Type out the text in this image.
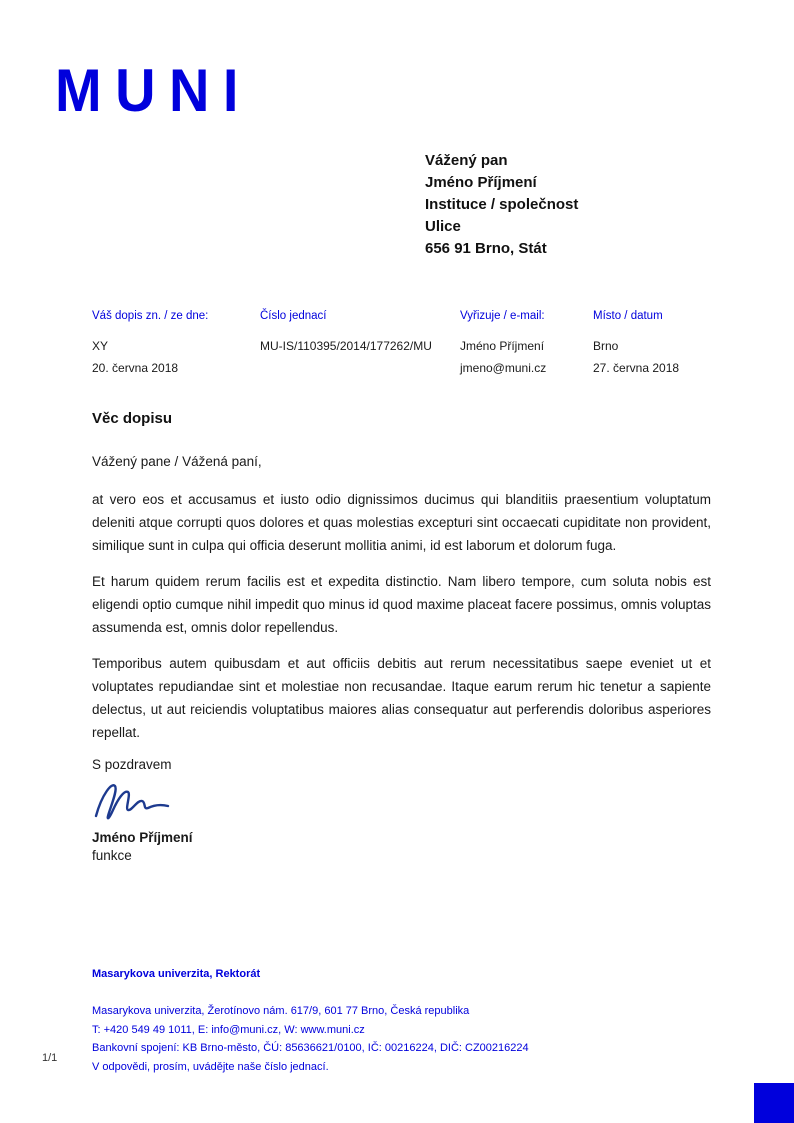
MUNI
Vážený pan
Jméno Příjmení
Instituce / společnost
Ulice
656 91 Brno, Stát
Váš dopis zn. / ze dne:
XY
20. června 2018
Číslo jednací
MU-IS/110395/2014/177262/MU
Vyřizuje / e-mail:
Jméno Příjmení
jmeno@muni.cz
Místo / datum
Brno
27. června 2018
Věc dopisu
Vážený pane / Vážená paní,

at vero eos et accusamus et iusto odio dignissimos ducimus qui blanditiis praesentium voluptatum deleniti atque corrupti quos dolores et quas molestias excepturi sint occaecati cupiditate non provident, similique sunt in culpa qui officia deserunt mollitia animi, id est laborum et dolorum fuga.

Et harum quidem rerum facilis est et expedita distinctio. Nam libero tempore, cum soluta nobis est eligendi optio cumque nihil impedit quo minus id quod maxime placeat facere possimus, omnis voluptas assumenda est, omnis dolor repellendus.

Temporibus autem quibusdam et aut officiis debitis aut rerum necessitatibus saepe eveniet ut et voluptates repudiandae sint et molestiae non recusandae. Itaque earum rerum hic tenetur a sapiente delectus, ut aut reiciendis voluptatibus maiores alias consequatur aut perferendis doloribus asperiores repellat.

S pozdravem
Jméno Příjmení
funkce
Masarykova univerzita, Rektorát
Masarykova univerzita, Žerotínovo nám. 617/9, 601 77 Brno, Česká republika
T: +420 549 49 1011, E: info@muni.cz, W: www.muni.cz
Bankovní spojení: KB Brno-město, ČÚ: 85636621/0100, IČ: 00216224, DIČ: CZ00216224
V odpovědi, prosím, uvádějte naše číslo jednací.
1/1
